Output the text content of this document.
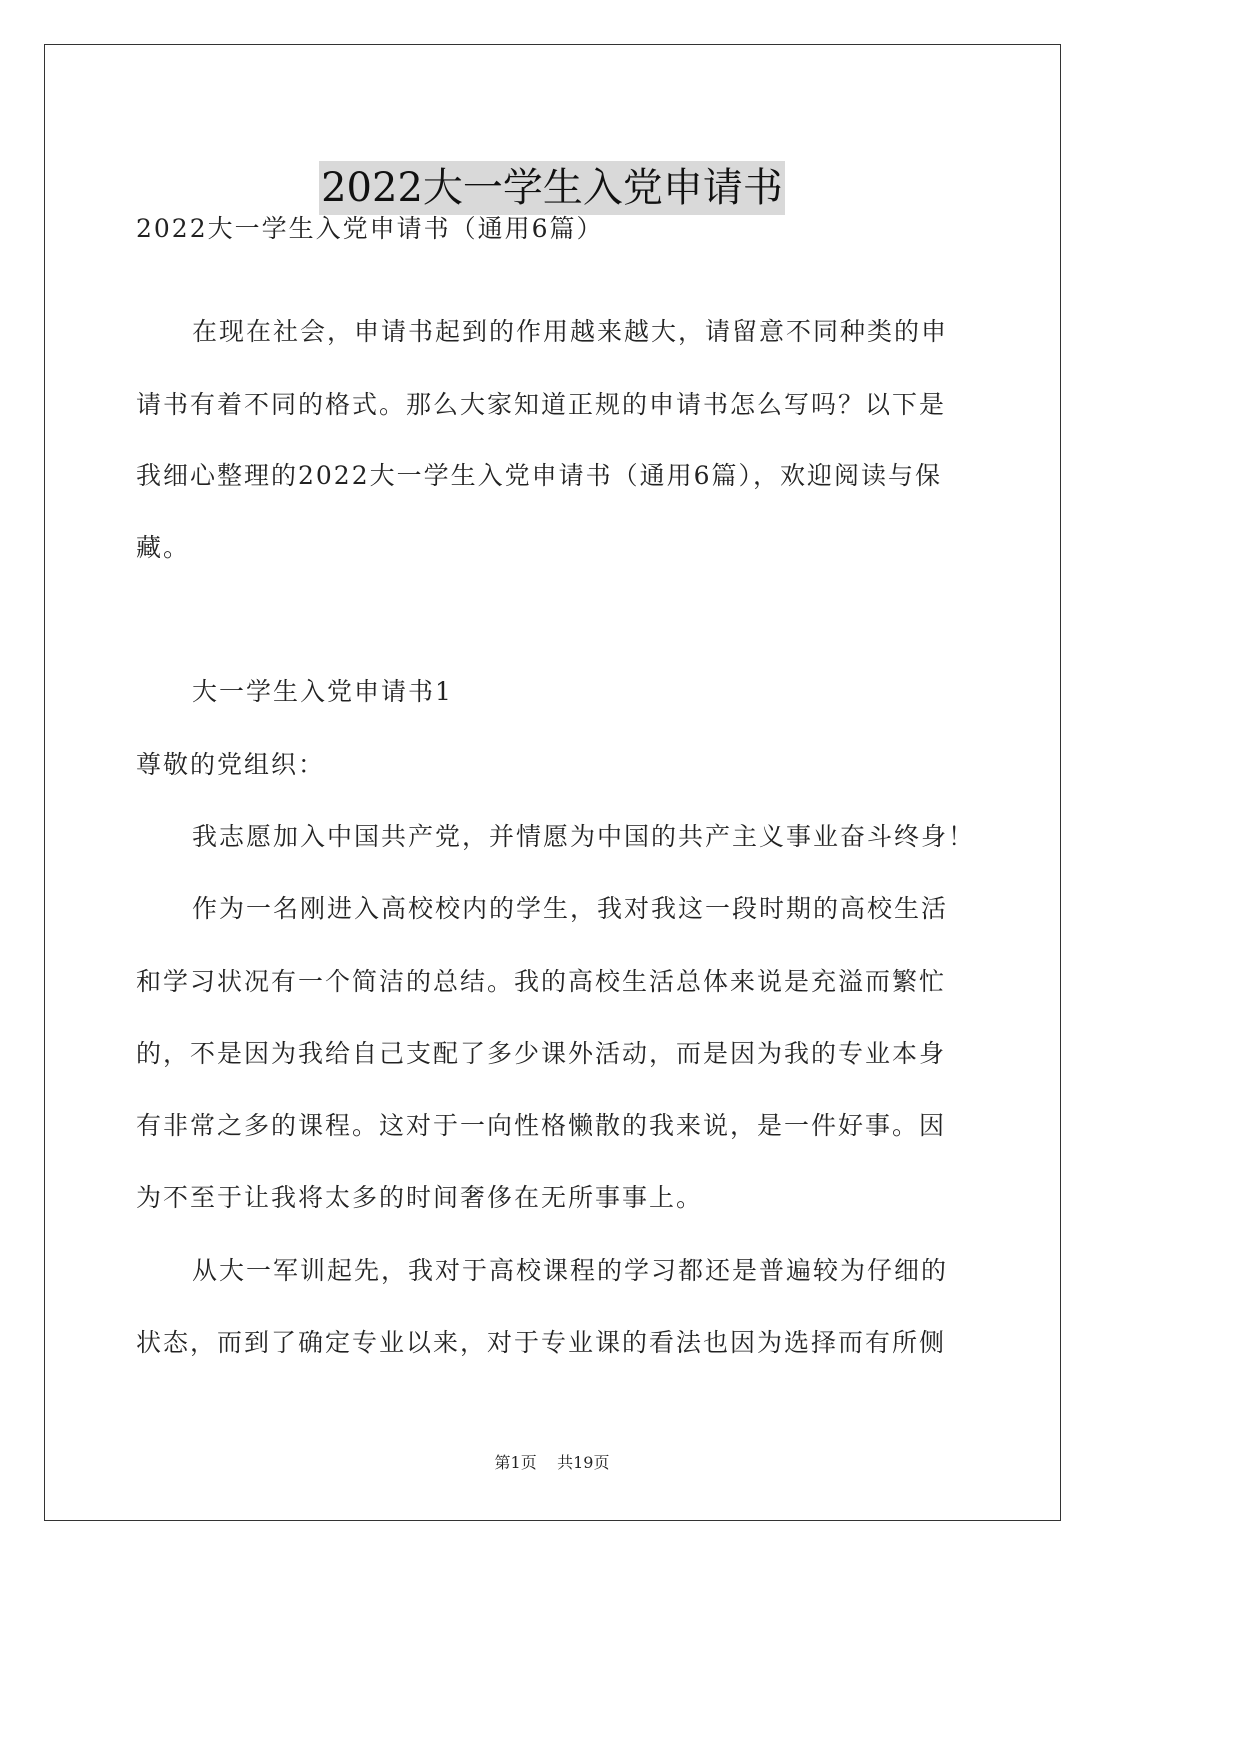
2022大一学生入党申请书
2022大一学生入党申请书（通用6篇）
在现在社会，申请书起到的作用越来越大，请留意不同种类的申
请书有着不同的格式。那么大家知道正规的申请书怎么写吗？以下是
我细心整理的2022大一学生入党申请书（通用6篇），欢迎阅读与保
藏。
大一学生入党申请书1
尊敬的党组织：
我志愿加入中国共产党，并情愿为中国的共产主义事业奋斗终身！
作为一名刚进入高校校内的学生，我对我这一段时期的高校生活
和学习状况有一个简洁的总结。我的高校生活总体来说是充溢而繁忙
的，不是因为我给自己支配了多少课外活动，而是因为我的专业本身
有非常之多的课程。这对于一向性格懒散的我来说，是一件好事。因
为不至于让我将太多的时间奢侈在无所事事上。
从大一军训起先，我对于高校课程的学习都还是普遍较为仔细的
状态，而到了确定专业以来，对于专业课的看法也因为选择而有所侧
第1页 共19页
